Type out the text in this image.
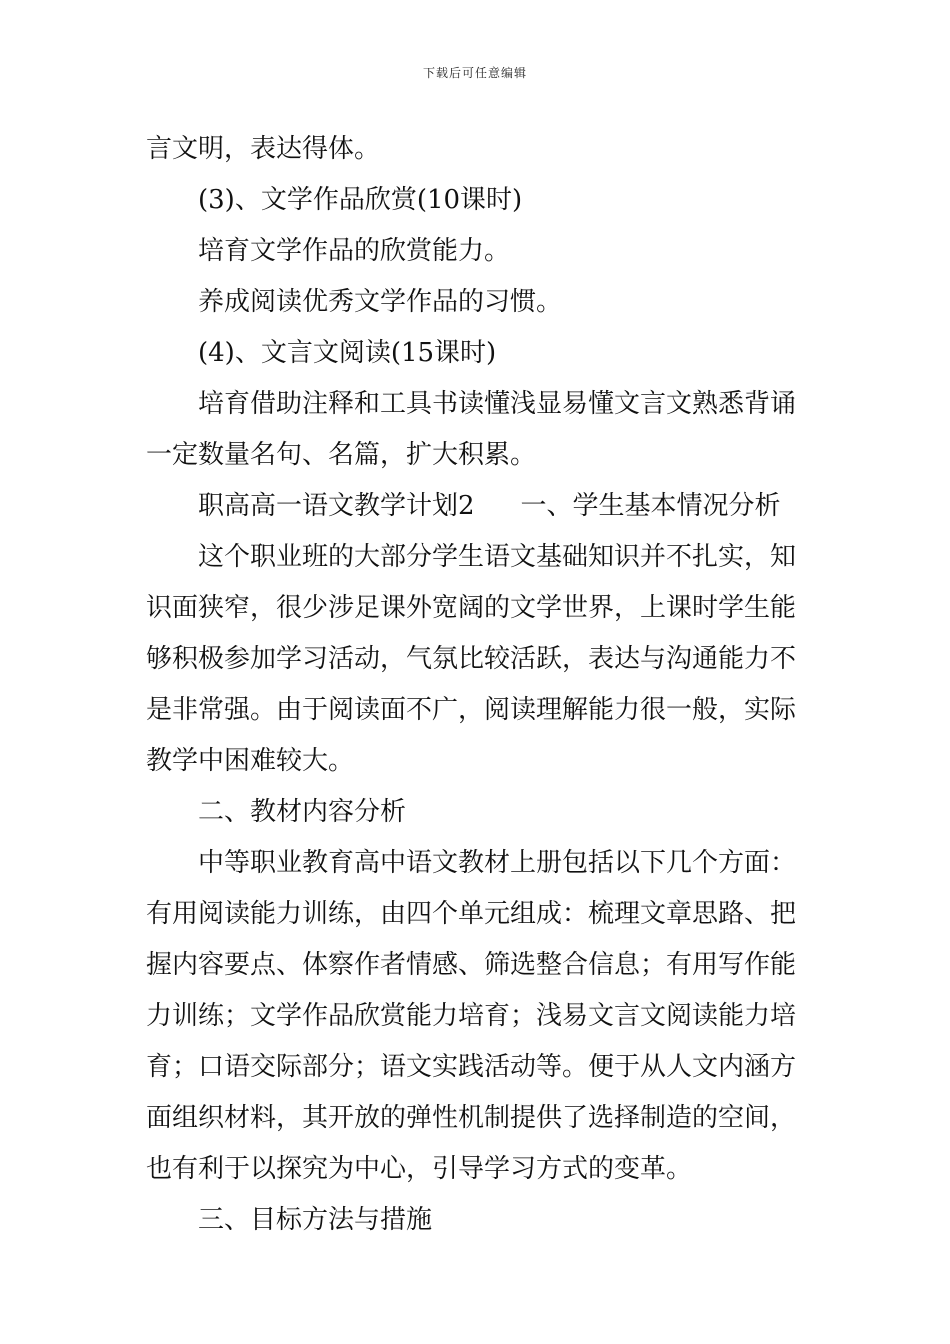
下载后可任意编辑

言文明，表达得体。

(3)、文学作品欣赏(10课时)

培育文学作品的欣赏能力。

养成阅读优秀文学作品的习惯。

(4)、文言文阅读(15课时)

培育借助注释和工具书读懂浅显易懂文言文熟悉背诵

一定数量名句、名篇，扩大积累。

职高高一语文教学计划2 一、学生基本情况分析

这个职业班的大部分学生语文基础知识并不扎实，知

识面狭窄，很少涉足课外宽阔的文学世界，上课时学生能

够积极参加学习活动，气氛比较活跃，表达与沟通能力不

是非常强。由于阅读面不广，阅读理解能力很一般，实际

教学中困难较大。

二、教材内容分析

中等职业教育高中语文教材上册包括以下几个方面：

有用阅读能力训练，由四个单元组成：梳理文章思路、把

握内容要点、体察作者情感、筛选整合信息；有用写作能

力训练；文学作品欣赏能力培育；浅易文言文阅读能力培

育；口语交际部分；语文实践活动等。便于从人文内涵方

面组织材料，其开放的弹性机制提供了选择制造的空间，

也有利于以探究为中心，引导学习方式的变革。

三、目标方法与措施
